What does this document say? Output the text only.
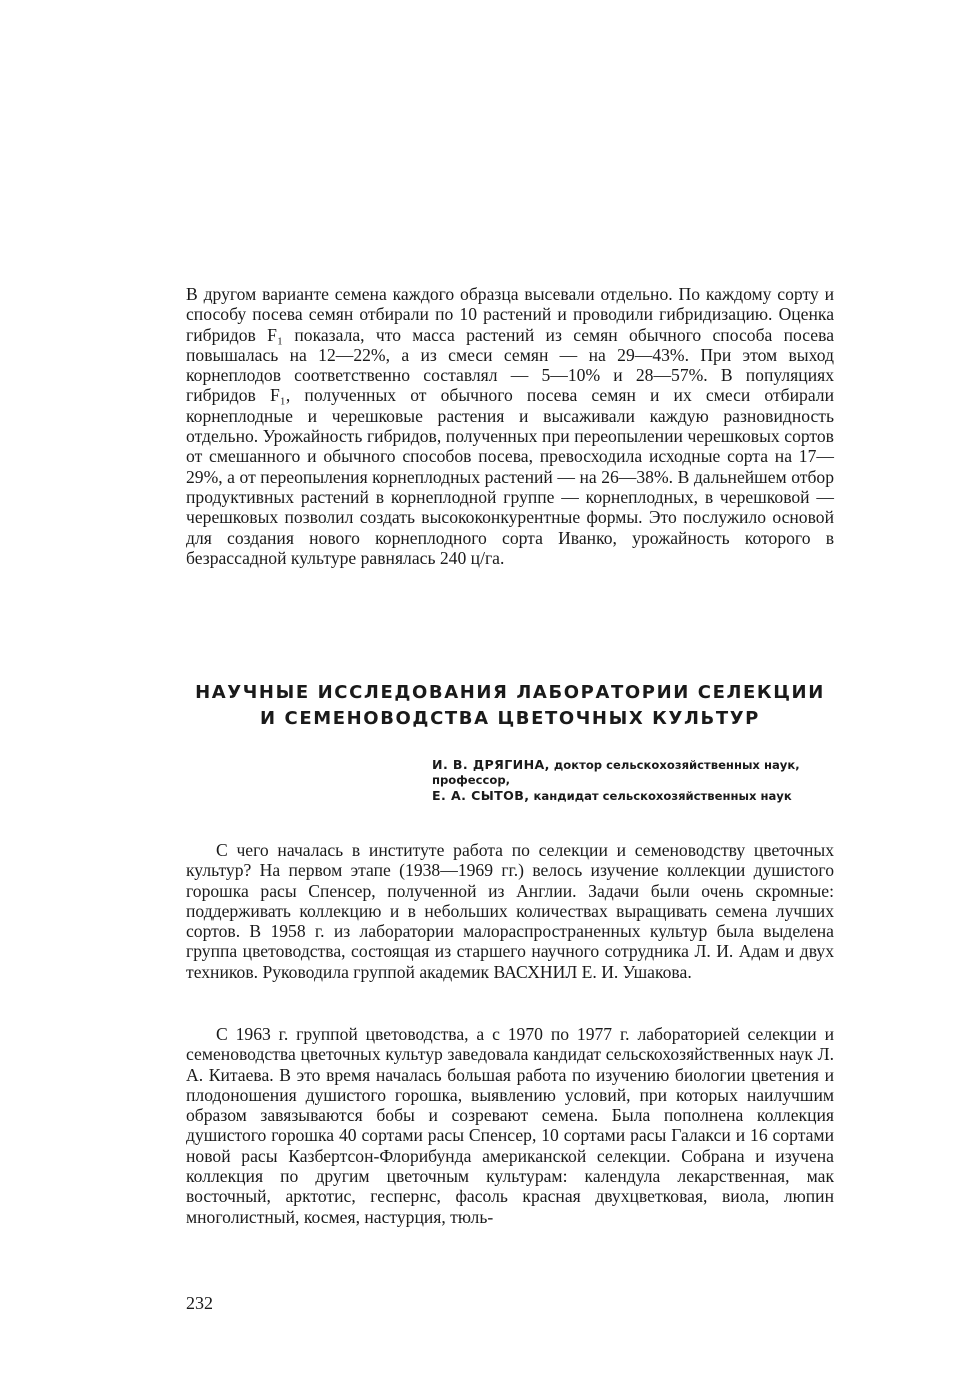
В другом варианте семена каждого образца высевали отдельно. По каждому сорту и способу посева семян отбирали по 10 растений и проводили гибридизацию. Оценка гибридов F₁ показала, что масса растений из семян обычного способа посева повышалась на 12—22%, а из смеси семян — на 29—43%. При этом выход корнеплодов соответственно составлял — 5—10% и 28—57%. В популяциях гибридов F₁, полученных от обычного посева семян и их смеси отбирали корнеплодные и черешковые растения и высаживали каждую разновидность отдельно. Урожайность гибридов, полученных при переопылении черешковых сортов от смешанного и обычного способов посева, превосходила исходные сорта на 17—29%, а от переопыления корнеплодных растений — на 26—38%. В дальнейшем отбор продуктивных растений в корнеплодной группе — корнеплодных, в черешковой — черешковых позволил создать высококонкурентные формы. Это послужило основой для создания нового корнеплодного сорта Иванко, урожайность которого в безрассадной культуре равнялась 240 ц/га.

НАУЧНЫЕ ИССЛЕДОВАНИЯ ЛАБОРАТОРИИ СЕЛЕКЦИИ
И СЕМЕНОВОДСТВА ЦВЕТОЧНЫХ КУЛЬТУР

И. В. ДРЯГИНА, доктор сельскохозяйственных наук, профессор,

Е. А. СЫТОВ, кандидат сельскохозяйственных наук

С чего началась в институте работа по селекции и семеноводству цветочных культур? На первом этапе (1938—1969 гг.) велось изучение коллекции душистого горошка расы Спенсер, полученной из Англии. Задачи были очень скромные: поддерживать коллекцию и в небольших количествах выращивать семена лучших сортов. В 1958 г. из лаборатории малораспространенных культур была выделена группа цветоводства, состоящая из старшего научного сотрудника Л. И. Адам и двух техников. Руководила группой академик ВАСХНИЛ Е. И. Ушакова.

С 1963 г. группой цветоводства, а с 1970 по 1977 г. лабораторией селекции и семеноводства цветочных культур заведовала кандидат сельскохозяйственных наук Л. А. Китаева. В это время началась большая работа по изучению биологии цветения и плодоношения душистого горошка, выявлению условий, при которых наилучшим образом завязываются бобы и созревают семена. Была пополнена коллекция душистого горошка 40 сортами расы Спенсер, 10 сортами расы Галакси и 16 сортами новой расы Казбертсон-Флорибунда американской селекции. Собрана и изучена коллекция по другим цветочным культурам: календула лекарственная, мак восточный, арктотис, геспернс, фасоль красная двухцветковая, виола, люпин многолистный, космея, настурция, тюль-

232
